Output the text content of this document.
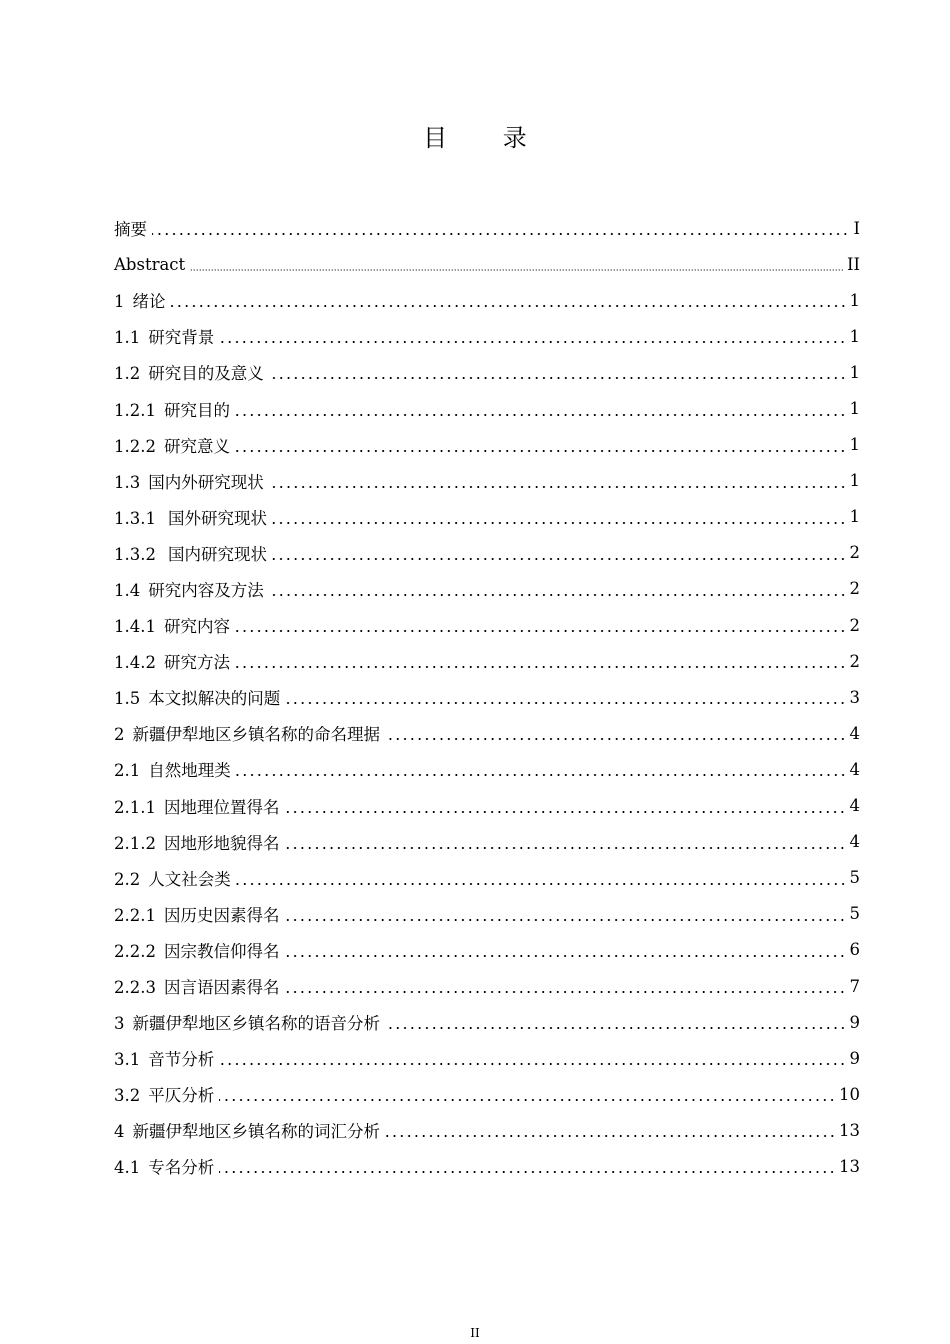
目 录
摘要	I
Abstract	II
1 绪论	1
1.1 研究背景	1
1.2 研究目的及意义	1
1.2.1 研究目的	1
1.2.2 研究意义	1
1.3 国内外研究现状	1
1.3.1 国外研究现状	1
1.3.2 国内研究现状	2
1.4 研究内容及方法	2
1.4.1 研究内容	2
1.4.2 研究方法	2
1.5 本文拟解决的问题	3
2 新疆伊犁地区乡镇名称的命名理据	4
2.1 自然地理类	4
2.1.1 因地理位置得名	4
2.1.2 因地形地貌得名	4
2.2 人文社会类	5
2.2.1 因历史因素得名	5
2.2.2 因宗教信仰得名	6
2.2.3 因言语因素得名	7
3 新疆伊犁地区乡镇名称的语音分析	9
3.1 音节分析	9
3.2 平仄分析	10
4 新疆伊犁地区乡镇名称的词汇分析	13
4.1 专名分析	13
II
